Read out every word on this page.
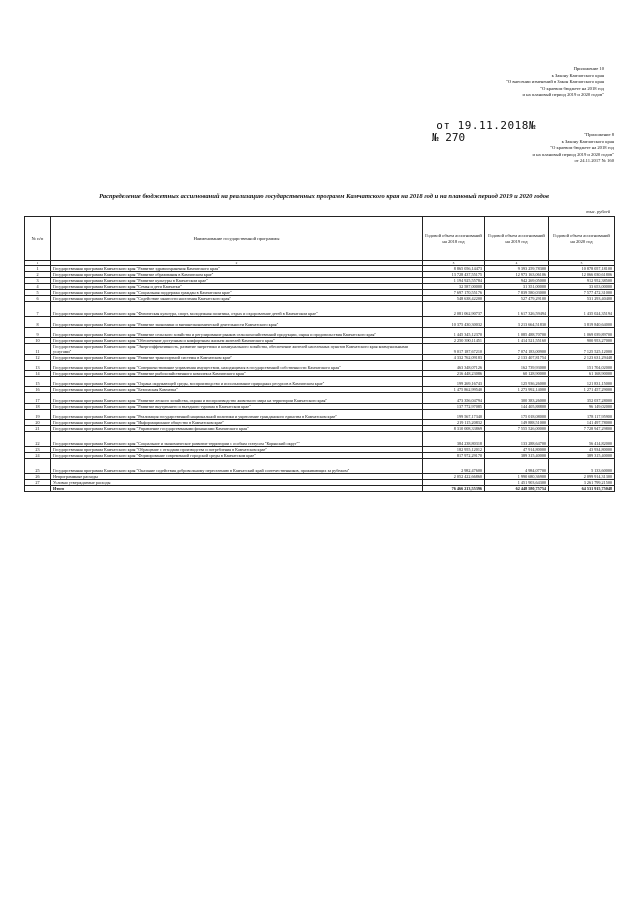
Приложение 10
к Закону Камчатского края
"О внесении изменений в Закон Камчатского края
"О краевом бюджете на 2018 год
и на плановый период 2019 и 2020 годов"
от 19.11.2018№
№ 270	"Приложение 8
к Закону Камчатского края
"О краевом бюджете на 2018 год
и на плановый период 2019 и 2020 годов"
от 24.11.2017 № 160
Распределение бюджетных ассигнований на реализацию государственных программ Камчатского края на 2018 год и на плановый период 2019 и 2020 годов
тыс. рублей
№ п/п	Наименование государственной программы	Годовой объем ассигнований на 2018 год	Годовой объем ассигнований на 2019 год	Годовой объем ассигнований на 2020 год
1	2	3	4	5
1	Государственная программа Камчатского края "Развитие здравоохранения Камчатского края"	8 865 056,14473	9 393 259,78300	10 878 057,18100
2	Государственная программа Камчатского края "Развитие образования в Камчатском крае"	13 728 437,55175	12 973 163,06106	12 066 030,61806
3	Государственная программа Камчатского края "Развитие культуры в Камчатском крае"	1 194 925,55784	942 269,05000	912 952,38500
4	Государственная программа Камчатского края "Семья и дети Камчатки"	32 587,00000	31 351,00000	33 653,00000
5	Государственная программа Камчатского края "Социальная поддержка граждан в Камчатском крае"	7 697 170,55176	7 839 580,03000	7 577 472,31000
6	Государственная программа Камчатского края "Содействие занятости населения Камчатского края"	548 638,42200	527 479,29100	531 293,40400
7	Государственная программа Камчатского края "Физическая культура, спорт, молодежная политика, отдых и оздоровление детей в Камчатском крае"	2 081 062,90737	1 617 326,59494	1 435 024,35194
8	Государственная программа Камчатского края "Развитие экономики и внешнеэкономической деятельности Камчатского края"	10 375 430,30032	3 213 664,51830	3 819 840,64000
9	Государственная программа Камчатского края "Развитие сельского хозяйства и регулирование рынков сельскохозяйственной продукции, сырья и продовольствия Камчатского края"	1 445 345,12370	1 085 488,70700	1 069 039,89700
10	Государственная программа Камчатского края "Обеспечение доступным и комфортным жильем жителей Камчатского края"	2 250 390,11451	1 414 521,55160	900 953,27000
11	Государственная программа Камчатского края "Энергоэффективность, развитие энергетики и коммунального хозяйства, обеспечение жителей населенных пунктов Камчатского края коммунальными услугами"	9 017 187,67210	7 074 183,00900	7 125 525,12000
12	Государственная программа Камчатского края "Развитие транспортной системы в Камчатском крае"	4 332 762,09183	2 133 407,81754	2 123 631,29448
13	Государственная программа Камчатского края "Совершенствование управления имуществом, находящимся в государственной собственности Камчатского края"	463 348,07126	162 739,93000	151 704,02000
14	Государственная программа Камчатского края "Развитие рыбохозяйственного комплекса Камчатского края"	216 448,23086	60 128,90000	61 168,90000
15	Государственная программа Камчатского края "Охрана окружающей среды, воспроизводство и использование природных ресурсов в Камчатском крае"	199 269,16743	125 936,26000	121 831,15000
16	Государственная программа Камчатского края "Безопасная Камчатка"	1 475 862,99540	1 273 992,14000	1 271 457,29000
17	Государственная программа Камчатского края "Развитие лесного хозяйства, охрана и воспроизводство животного мира на территории Камчатского края"	473 356,04794	300 383,26000	352 037,28000
18	Государственная программа Камчатского края "Развитие внутреннего и въездного туризма в Камчатском крае"	137 772,97085	144 405,88800	96 149,02000
19	Государственная программа Камчатского края "Реализация государственной национальной политики и укрепление гражданского единства в Камчатском крае"	199 567,17340	175 018,08000	178 117,95900
20	Государственная программа Камчатского края "Информационное общество в Камчатском крае"	219 115,20832	149 888,51000	141 497,78000
21	Государственная программа Камчатского края "Управление государственными финансами Камчатского края"	8 310 008,33869	7 555 526,00000	7 728 947,29800
22	Государственная программа Камчатского края "Социальное и экономическое развитие территории с особым статусом "Корякский округ""	384 238,80318	133 288,64700	56 414,82000
23	Государственная программа Камчатского края "Обращение с отходами производства и потребления в Камчатском крае"	182 955,12012	47 914,80000	43 934,80000
24	Государственная программа Камчатского края "Формирование современной городской среды в Камчатском крае"	817 972,29170	389 315,40000	389 315,40000
25	Государственная программа Камчатского края "Оказание содействия добровольному переселению в Камчатский край соотечественников, проживающих за рубежом"	2 982,47600	4 984,07700	5 133,60000
26	Непрограммные расходы	2 052 422,66860	1 990 680,36900	2 099 914,31300
27	Условно утверждаемые расходы		1 451 903,64300	3 261 799,21500
	Итого	76 466 213,55396	62 448 580,75754	64 531 915,75048
